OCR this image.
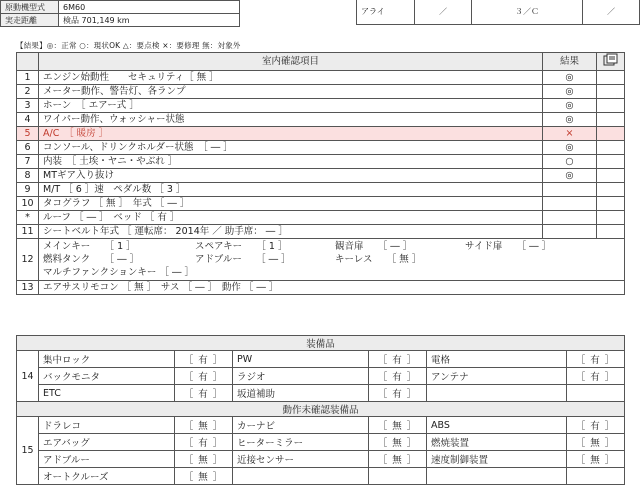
原動機型式	6M60
実走距離	検品 701,149 km
アライ	／	３／Ｃ	／
【結果】◎：正常 ○：現状OK △：要点検 ×：要修理 無：対象外
	室内確認項目	結果	
1	エンジン始動性　　セキュリティ［ 無 ］	◎	
2	メーター動作、警告灯、各ランプ	◎	
3	ホーン　［ エアー式 ］	◎	
4	ワイパー動作、ウォッシャー状態	◎	
5	A/C　［ 暖房 ］	×	
6	コンソール、ドリンクホルダー状態　［ ― ］	◎	
7	内装　［ 土埃・ヤニ・やぶれ ］	○	
8	MTギア入り抜け	◎	
9	M/T ［ 6 ］速　ペダル数 ［ 3 ］		
10	タコグラフ ［ 無 ］　年式 ［ ― ］		
*	ルーフ ［ ― ］　ベッド ［ 有 ］		
11	シートベルト年式 ［ 運転席： 2014年 ／ 助手席： ― ］		
12	メインキー　　［ 1 ］ スペアキー　　［ 1 ］ 観音扉　　［ ― ］ サイド扉　　［ ― ］
燃料タンク　　［ ― ］ アドブルー　　［ ― ］ キーレス　　［ 無 ］
マルチファンクションキー ［ ― ］		

13	エアサスリモコン ［ 無 ］　サス ［ ― ］　動作 ［ ― ］		
装備品						
14	集中ロック	［ 有 ］	PW	［ 有 ］	電格	［ 有 ］
	バックモニタ	［ 有 ］	ラジオ	［ 有 ］	アンテナ	［ 有 ］
	ETC	［ 有 ］	坂道補助	［ 有 ］		
動作未確認装備品						
15	ドラレコ	［ 無 ］	カーナビ	［ 無 ］	ABS	［ 有 ］
	エアバッグ	［ 有 ］	ヒーターミラー	［ 無 ］	燃焼装置	［ 無 ］
	アドブルー	［ 無 ］	近接センサー	［ 無 ］	速度制御装置	［ 無 ］
	オートクルーズ	［ 無 ］				
